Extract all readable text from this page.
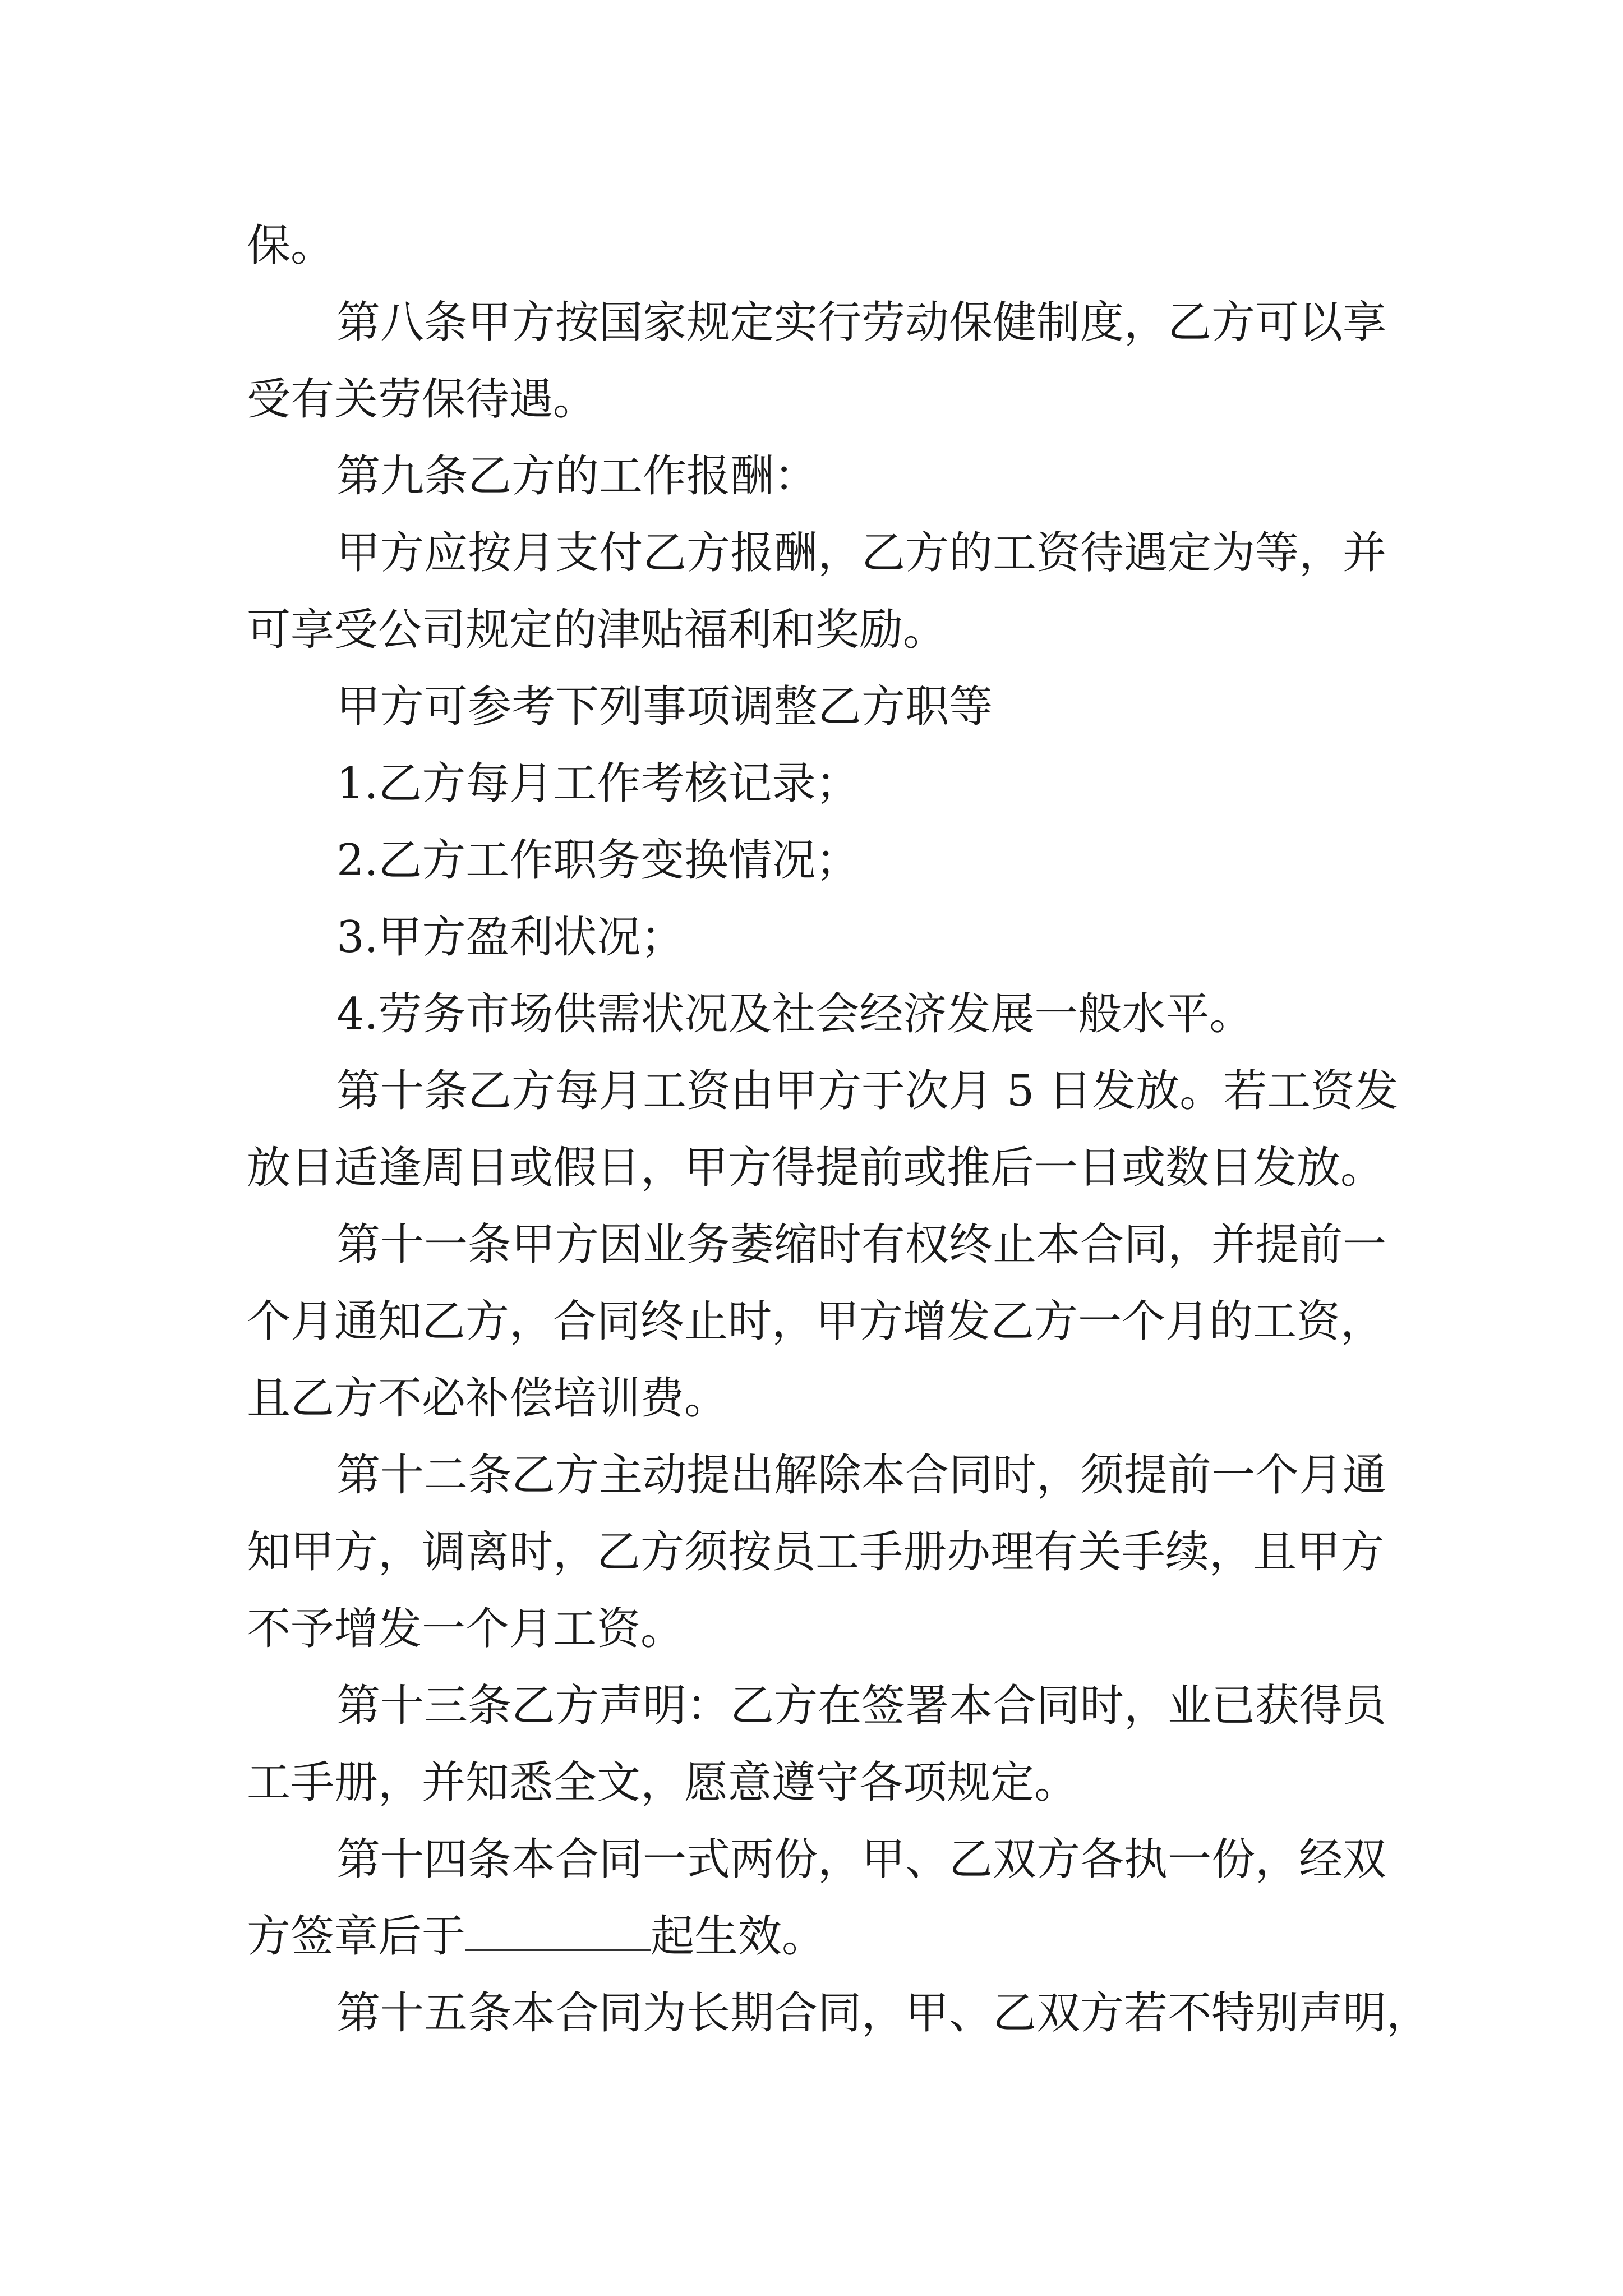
保。
第八条甲方按国家规定实行劳动保健制度，乙方可以享
受有关劳保待遇。
第九条乙方的工作报酬：
甲方应按月支付乙方报酬，乙方的工资待遇定为等，并
可享受公司规定的津贴福利和奖励。
甲方可参考下列事项调整乙方职等
1.乙方每月工作考核记录；
2.乙方工作职务变换情况；
3.甲方盈利状况；
4.劳务市场供需状况及社会经济发展一般水平。
第十条乙方每月工资由甲方于次月 5 日发放。若工资发
放日适逢周日或假日，甲方得提前或推后一日或数日发放。
第十一条甲方因业务萎缩时有权终止本合同，并提前一
个月通知乙方，合同终止时，甲方增发乙方一个月的工资，
且乙方不必补偿培训费。
第十二条乙方主动提出解除本合同时，须提前一个月通
知甲方，调离时，乙方须按员工手册办理有关手续，且甲方
不予增发一个月工资。
第十三条乙方声明：乙方在签署本合同时，业已获得员
工手册，并知悉全文，愿意遵守各项规定。
第十四条本合同一式两份，甲、乙双方各执一份，经双
方签章后于	起生效。
第十五条本合同为长期合同，甲、乙双方若不特别声明，
